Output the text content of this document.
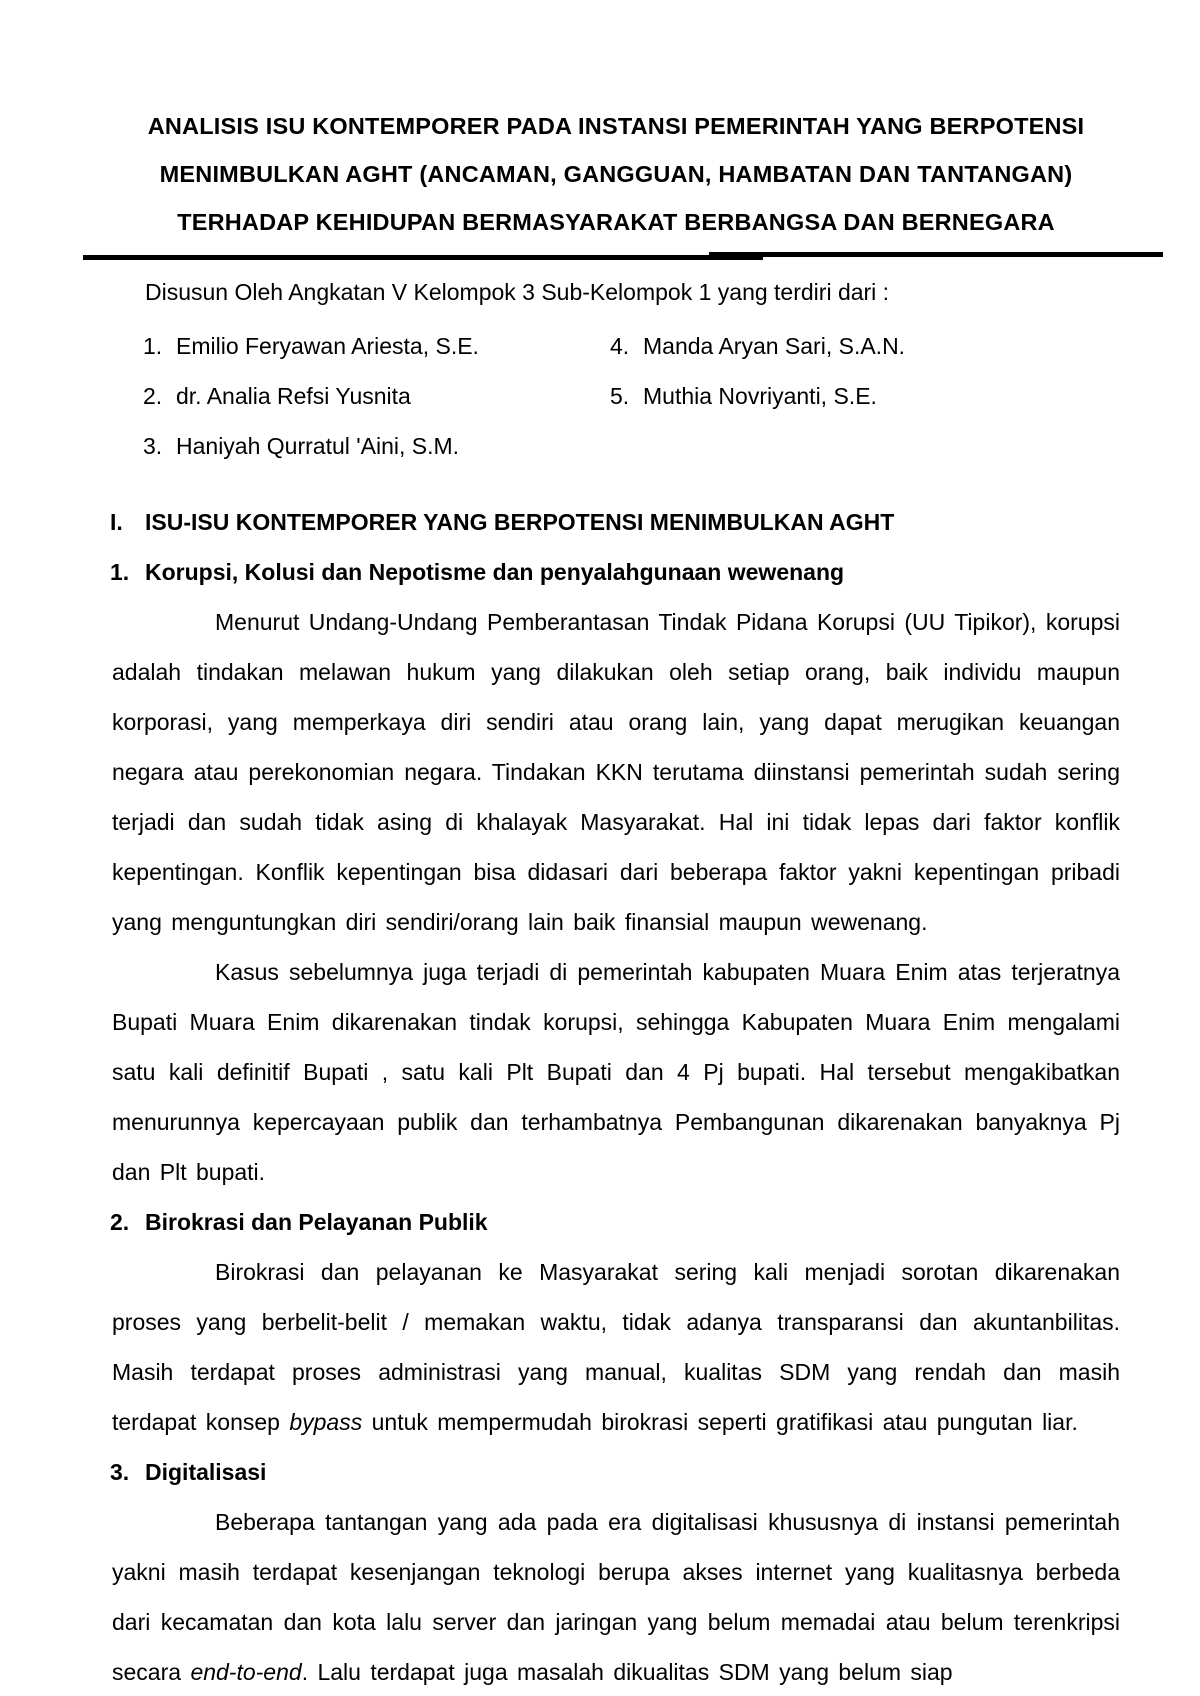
ANALISIS ISU KONTEMPORER PADA INSTANSI PEMERINTAH YANG BERPOTENSI
MENIMBULKAN AGHT (ANCAMAN, GANGGUAN, HAMBATAN DAN TANTANGAN)
TERHADAP KEHIDUPAN BERMASYARAKAT BERBANGSA DAN BERNEGARA

Disusun Oleh Angkatan V Kelompok 3 Sub-Kelompok 1 yang terdiri dari :

1. Emilio Feryawan Ariesta, S.E.
2. dr. Analia Refsi Yusnita
3. Haniyah Qurratul 'Aini, S.M.
4. Manda Aryan Sari, S.A.N.
5. Muthia Novriyanti, S.E.
I. ISU-ISU KONTEMPORER YANG BERPOTENSI MENIMBULKAN AGHT
1. Korupsi, Kolusi dan Nepotisme dan penyalahgunaan wewenang

Menurut Undang-Undang Pemberantasan Tindak Pidana Korupsi (UU Tipikor), korupsi adalah tindakan melawan hukum yang dilakukan oleh setiap orang, baik individu maupun korporasi, yang memperkaya diri sendiri atau orang lain, yang dapat merugikan keuangan negara atau perekonomian negara. Tindakan KKN terutama diinstansi pemerintah sudah sering terjadi dan sudah tidak asing di khalayak Masyarakat. Hal ini tidak lepas dari faktor konflik kepentingan. Konflik kepentingan bisa didasari dari beberapa faktor yakni kepentingan pribadi yang menguntungkan diri sendiri/orang lain baik finansial maupun wewenang.

Kasus sebelumnya juga terjadi di pemerintah kabupaten Muara Enim atas terjeratnya Bupati Muara Enim dikarenakan tindak korupsi, sehingga Kabupaten Muara Enim mengalami satu kali definitif Bupati , satu kali Plt Bupati dan 4 Pj bupati. Hal tersebut mengakibatkan menurunnya kepercayaan publik dan terhambatnya Pembangunan dikarenakan banyaknya Pj dan Plt bupati.

2. Birokrasi dan Pelayanan Publik

Birokrasi dan pelayanan ke Masyarakat sering kali menjadi sorotan dikarenakan proses yang berbelit-belit / memakan waktu, tidak adanya transparansi dan akuntanbilitas. Masih terdapat proses administrasi yang manual, kualitas SDM yang rendah dan masih terdapat konsep bypass untuk mempermudah birokrasi seperti gratifikasi atau pungutan liar.

3. Digitalisasi

Beberapa tantangan yang ada pada era digitalisasi khususnya di instansi pemerintah yakni masih terdapat kesenjangan teknologi berupa akses internet yang kualitasnya berbeda dari kecamatan dan kota lalu server dan jaringan yang belum memadai atau belum terenkripsi secara end-to-end. Lalu terdapat juga masalah dikualitas SDM yang belum siap
